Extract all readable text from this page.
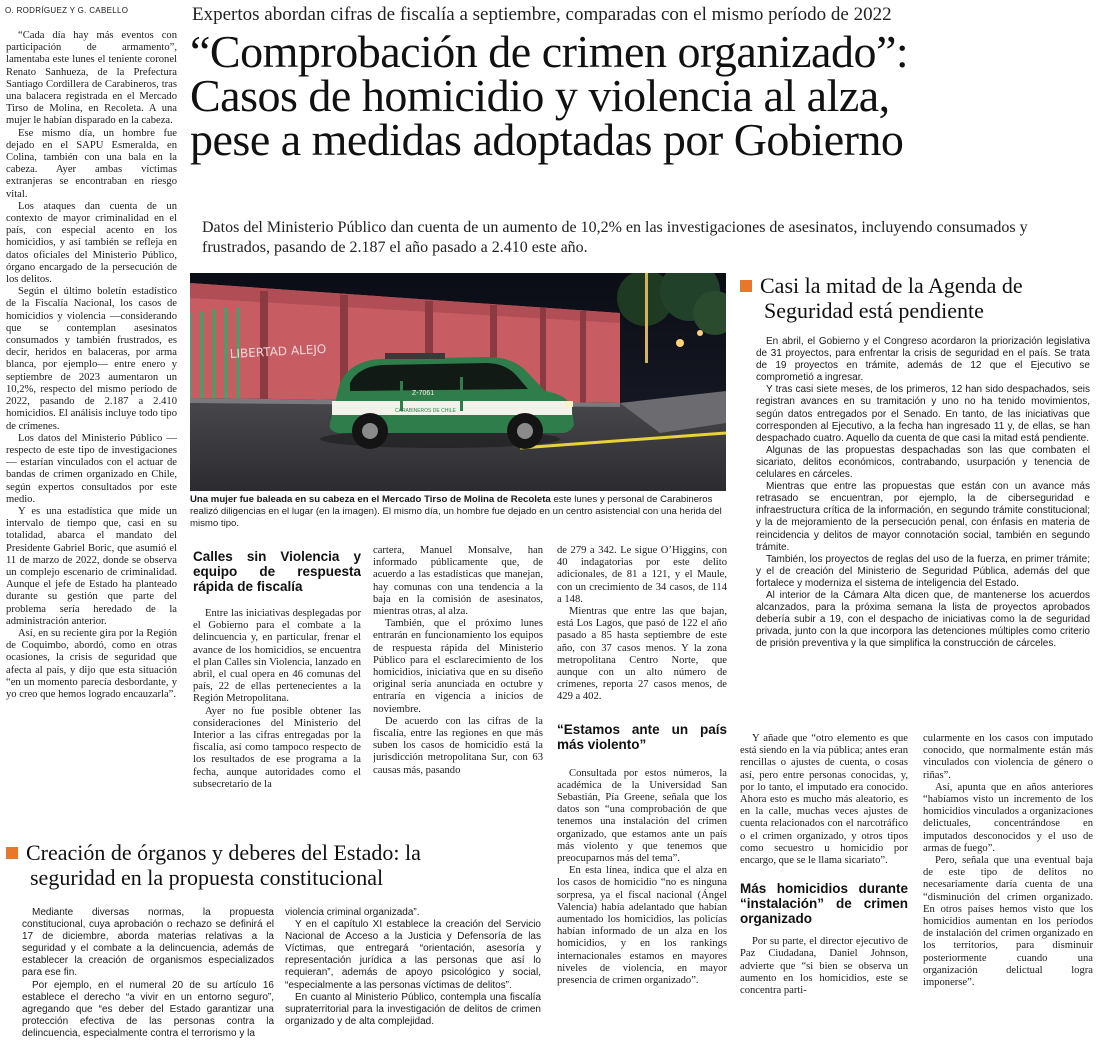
O. RODRÍGUEZ Y G. CABELLO	Expertos abordan cifras de fiscalía a septiembre, comparadas con el mismo período de 2022
“Comprobación de crimen organizado”:
Casos de homicidio y violencia al alza,
pese a medidas adoptadas por Gobierno
Datos del Ministerio Público dan cuenta de un aumento de 10,2% en las investigaciones de asesinatos, incluyendo consumados y frustrados, pasando de 2.187 el año pasado a 2.410 este año.

“Cada día hay más eventos con participación de armamento”, lamentaba este lunes el teniente coronel Renato Sanhueza, de la Prefectura Santiago Cordillera de Carabineros, tras una balacera registrada en el Mercado Tirso de Molina, en Recoleta. A una mujer le habían disparado en la cabeza.

Ese mismo día, un hombre fue dejado en el SAPU Esmeralda, en Colina, también con una bala en la cabeza. Ayer ambas víctimas extranjeras se encontraban en riesgo vital.

Los ataques dan cuenta de un contexto de mayor criminalidad en el país, con especial acento en los homicidios, y así también se refleja en datos oficiales del Ministerio Público, órgano encargado de la persecución de los delitos.

Según el último boletín estadístico de la Fiscalía Nacional, los casos de homicidios y violencia —considerando que se contemplan asesinatos consumados y también frustrados, es decir, heridos en balaceras, por arma blanca, por ejemplo— entre enero y septiembre de 2023 aumentaron un 10,2%, respecto del mismo período de 2022, pasando de 2.187 a 2.410 homicidios. El análisis incluye todo tipo de crímenes.

Los datos del Ministerio Público —respecto de este tipo de investigaciones— estarían vinculados con el actuar de bandas de crimen organizado en Chile, según expertos consultados por este medio.

Y es una estadística que mide un intervalo de tiempo que, casi en su totalidad, abarca el mandato del Presidente Gabriel Boric, que asumió el 11 de marzo de 2022, donde se observa un complejo escenario de criminalidad. Aunque el jefe de Estado ha planteado durante su gestión que parte del problema sería heredado de la administración anterior.

Así, en su reciente gira por la Región de Coquimbo, abordó, como en otras ocasiones, la crisis de seguridad que afecta al país, y dijo que esta situación “en un momento parecía desbordante, y yo creo que hemos logrado encauzarla”.

Z-7061
CARABINEROS DE CHILE
LIBERTAD ALEJO
Una mujer fue baleada en su cabeza en el Mercado Tirso de Molina de Recoleta este lunes y personal de Carabineros realizó diligencias en el lugar (en la imagen). El mismo día, un hombre fue dejado en un centro asistencial con una herida del mismo tipo.
Calles sin Violencia y equipo de respuesta rápida de fiscalía

Entre las iniciativas desplegadas por el Gobierno para el combate a la delincuencia y, en particular, frenar el avance de los homicidios, se encuentra el plan Calles sin Violencia, lanzado en abril, el cual opera en 46 comunas del país, 22 de ellas pertenecientes a la Región Metropolitana.

Ayer no fue posible obtener las consideraciones del Ministerio del Interior a las cifras entregadas por la fiscalía, así como tampoco respecto de los resultados de ese programa a la fecha, aunque autoridades como el subsecretario de la

cartera, Manuel Monsalve, han informado públicamente que, de acuerdo a las estadísticas que manejan, hay comunas con una tendencia a la baja en la comisión de asesinatos, mientras otras, al alza.

También, que el próximo lunes entrarán en funcionamiento los equipos de respuesta rápida del Ministerio Público para el esclarecimiento de los homicidios, iniciativa que en su diseño original sería anunciada en octubre y entraría en vigencia a inicios de noviembre.

De acuerdo con las cifras de la fiscalía, entre las regiones en que más suben los casos de homicidio está la jurisdicción metropolitana Sur, con 63 causas más, pasando

de 279 a 342. Le sigue O’Higgins, con 40 indagatorias por este delito adicionales, de 81 a 121, y el Maule, con un crecimiento de 34 casos, de 114 a 148.

Mientras que entre las que bajan, está Los Lagos, que pasó de 122 el año pasado a 85 hasta septiembre de este año, con 37 casos menos. Y la zona metropolitana Centro Norte, que aunque con un alto número de crímenes, reporta 27 casos menos, de 429 a 402.

“Estamos ante un país más violento”

Consultada por estos números, la académica de la Universidad San Sebastián, Pía Greene, señala que los datos son “una comprobación de que tenemos una instalación del crimen organizado, que estamos ante un país más violento y que tenemos que preocuparnos más del tema”.

En esta línea, indica que el alza en los casos de homicidio “no es ninguna sorpresa, ya el fiscal nacional (Ángel Valencia) había adelantado que habían aumentado los homicidios, las policías habían informado de un alza en los homicidios, y en los rankings internacionales estamos en mayores niveles de violencia, en mayor presencia de crimen organizado”.

Casi la mitad de la Agenda de
Seguridad está pendiente

En abril, el Gobierno y el Congreso acordaron la priorización legislativa de 31 proyectos, para enfrentar la crisis de seguridad en el país. Se trata de 19 proyectos en trámite, además de 12 que el Ejecutivo se comprometió a ingresar.

Y tras casi siete meses, de los primeros, 12 han sido despachados, seis registran avances en su tramitación y uno no ha tenido movimientos, según datos entregados por el Senado. En tanto, de las iniciativas que corresponden al Ejecutivo, a la fecha han ingresado 11 y, de ellas, se han despachado cuatro. Aquello da cuenta de que casi la mitad está pendiente.

Algunas de las propuestas despachadas son las que combaten el sicariato, delitos económicos, contrabando, usurpación y tenencia de celulares en cárceles.

Mientras que entre las propuestas que están con un avance más retrasado se encuentran, por ejemplo, la de ciberseguridad e infraestructura crítica de la información, en segundo trámite constitucional; y la de mejoramiento de la persecución penal, con énfasis en materia de reincidencia y delitos de mayor connotación social, también en segundo trámite.

También, los proyectos de reglas del uso de la fuerza, en primer trámite; y el de creación del Ministerio de Seguridad Pública, además del que fortalece y moderniza el sistema de inteligencia del Estado.

Al interior de la Cámara Alta dicen que, de mantenerse los acuerdos alcanzados, para la próxima semana la lista de proyectos aprobados debería subir a 19, con el despacho de iniciativas como la de seguridad privada, junto con la que incorpora las detenciones múltiples como criterio de prisión preventiva y la que simplifica la construcción de cárceles.

Y añade que “otro elemento es que está siendo en la vía pública; antes eran rencillas o ajustes de cuenta, o cosas así, pero entre personas conocidas, y, por lo tanto, el imputado era conocido. Ahora esto es mucho más aleatorio, es en la calle, muchas veces ajustes de cuenta relacionados con el narcotráfico o el crimen organizado, y otros tipos como secuestro u homicidio por encargo, que se le llama sicariato”.

Más homicidios durante “instalación” de crimen organizado

Por su parte, el director ejecutivo de Paz Ciudadana, Daniel Johnson, advierte que “si bien se observa un aumento en los homicidios, este se concentra parti-

cularmente en los casos con imputado conocido, que normalmente están más vinculados con violencia de género o riñas”.

Así, apunta que en años anteriores “habíamos visto un incremento de los homicidios vinculados a organizaciones delictuales, concentrándose en imputados desconocidos y el uso de armas de fuego”.

Pero, señala que una eventual baja de este tipo de delitos no necesariamente daría cuenta de una “disminución del crimen organizado. En otros países hemos visto que los homicidios aumentan en los períodos de instalación del crimen organizado en los territorios, para disminuir posteriormente cuando una organización delictual logra imponerse”.

Creación de órganos y deberes del Estado: la
seguridad en la propuesta constitucional

Mediante diversas normas, la propuesta constitucional, cuya aprobación o rechazo se definirá el 17 de diciembre, aborda materias relativas a la seguridad y el combate a la delincuencia, además de establecer la creación de organismos especializados para ese fin.

Por ejemplo, en el numeral 20 de su artículo 16 establece el derecho “a vivir en un entorno seguro”, agregando que “es deber del Estado garantizar una protección efectiva de las personas contra la delincuencia, especialmente contra el terrorismo y la

violencia criminal organizada”.

Y en el capítulo XI establece la creación del Servicio Nacional de Acceso a la Justicia y Defensoría de las Víctimas, que entregará “orientación, asesoría y representación jurídica a las personas que así lo requieran”, además de apoyo psicológico y social, “especialmente a las personas víctimas de delitos”.

En cuanto al Ministerio Público, contempla una fiscalía supraterritorial para la investigación de delitos de crimen organizado y de alta complejidad.
